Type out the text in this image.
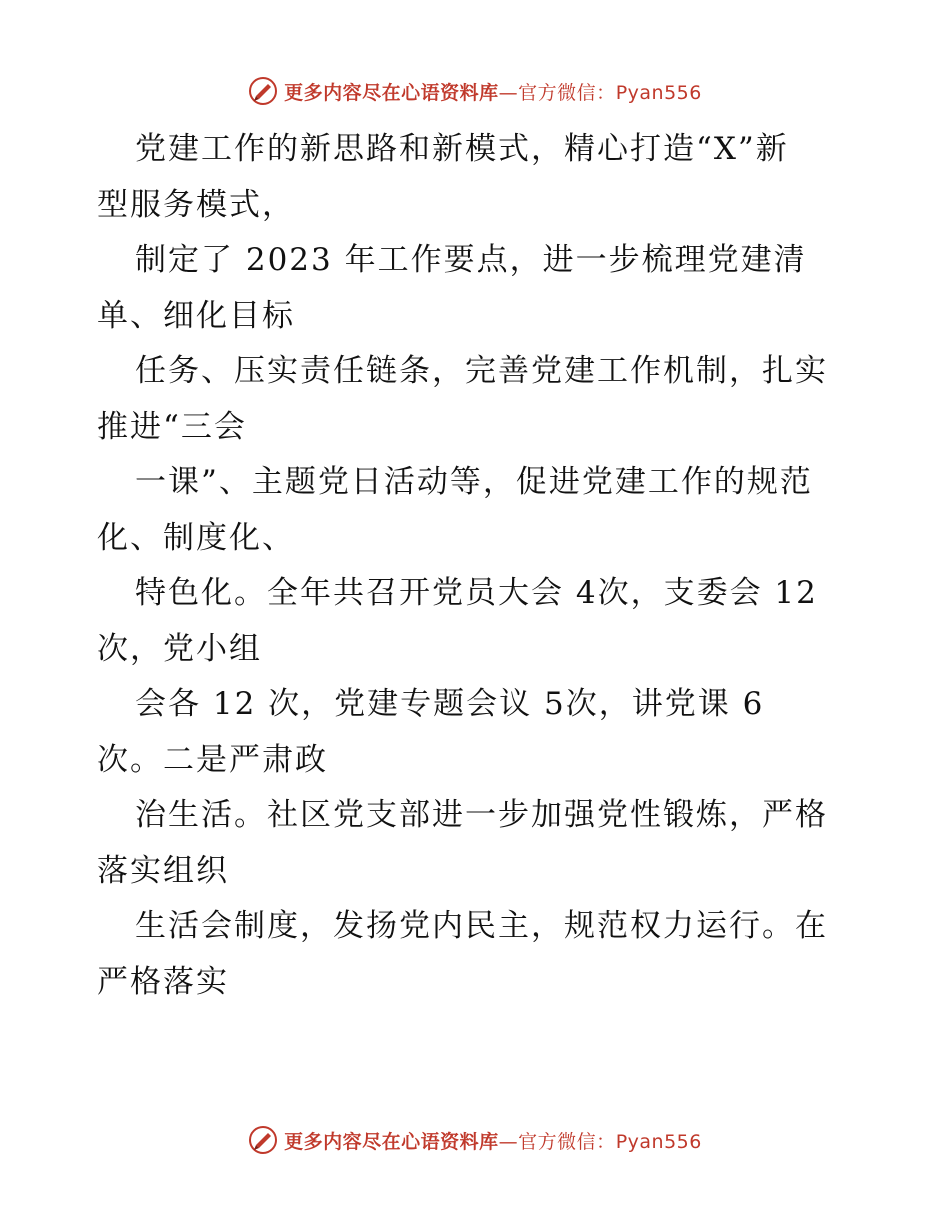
更多内容尽在心语资料库—官方微信：Pyan556
党建工作的新思路和新模式，精心打造“X”新
型服务模式，
制定了 2023 年工作要点，进一步梳理党建清
单、细化目标
任务、压实责任链条，完善党建工作机制，扎实
推进“三会
一课”、主题党日活动等，促进党建工作的规范
化、制度化、
特色化。全年共召开党员大会 4次，支委会 12
次，党小组
会各 12 次，党建专题会议 5次，讲党课 6
次。二是严肃政
治生活。社区党支部进一步加强党性锻炼，严格
落实组织
生活会制度，发扬党内民主，规范权力运行。在
严格落实
更多内容尽在心语资料库—官方微信：Pyan556
